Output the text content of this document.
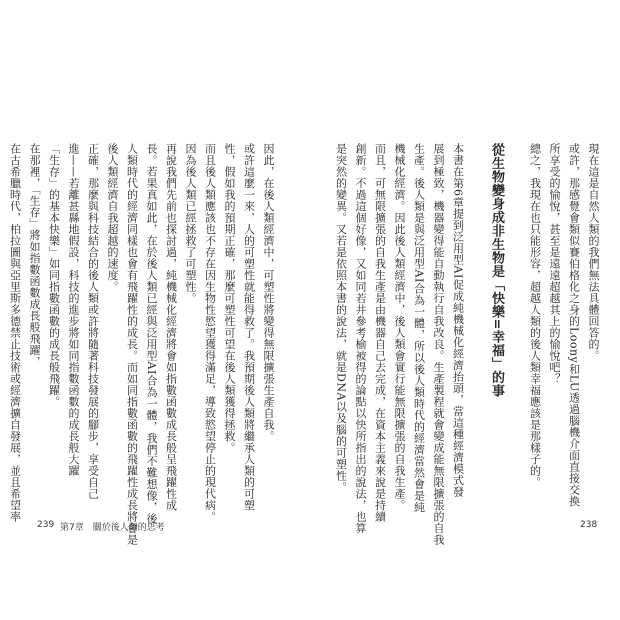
因此，在後人類經濟中，可塑性將變得無限擴張生產自我。

或許這麼一來，人的可塑性就能得救了。我預期後人類將繼承人類的可塑

性，假如我的預期正確，那麼可塑性可望在後人類獲得拯救。

而且後人類應該也不存在因生物性慾望獲得滿足，導致慾望停止的現代病。

因為後人類已經拯救了可塑性。

再說我們先前也探討過，純機械化經濟將會如指數函數成長般呈飛躍性成

長。若果真如此，在於後人類已經與泛用型AI合為一體，我們不難想像，後

人類時代的經濟同樣也會有飛躍性的成長。而如同指數函數的飛躍性成長將會是

後人類經濟自我超越的速度。

正確，那麼與科技結合的後人類或許將隨著科技發展的腳步，享受自己

進——若離甚縣地假設，科技的進步將如同指數函數的成長般大躍

「生存」的基本快樂」如同指數函數的成長般飛躍。

在那裡，「生存」將如指數函數成長般飛躍，

在古希臘時代，柏拉圖與亞里斯多德禁止技術或經濟擴自發展，並且希望率

239 第7章　關於後人類的思考

現在這是自然人類的我們無法具體回答的。

或許，那感覺會類似賽伯格化之身的Loony和LU透過腦機介面直接交換

所享受的愉悅，甚至是遠遠超越其上的愉悅吧？

總之，我現在也只能形容，超越人類的後人類幸福應該是那樣子的。

從生物變身成非生物是「快樂=幸福」的事

本書在第6章提到泛用型AI促成純機械化經濟抬頭，當這種經濟模式發

展到極致，機器變得能自動執行自我改良。生產製程就會變成能無限擴張的自我

生產。後人類是與泛用型AI合為一體，所以後人類時代的經濟當然會是純

機械化經濟。因此後人類經濟中，後人類會實行能無限擴張的自我生產。

而且，可無限擴張的自我生產是由機器自己去完成，在資本主義來說是持續

創新。不過這個好像，又如同若井參考榆被得的論點以快所指出的說法，也算

是突然的變異。又若是依照本書的說法，就是DNA以及腦的可塑性。

238
